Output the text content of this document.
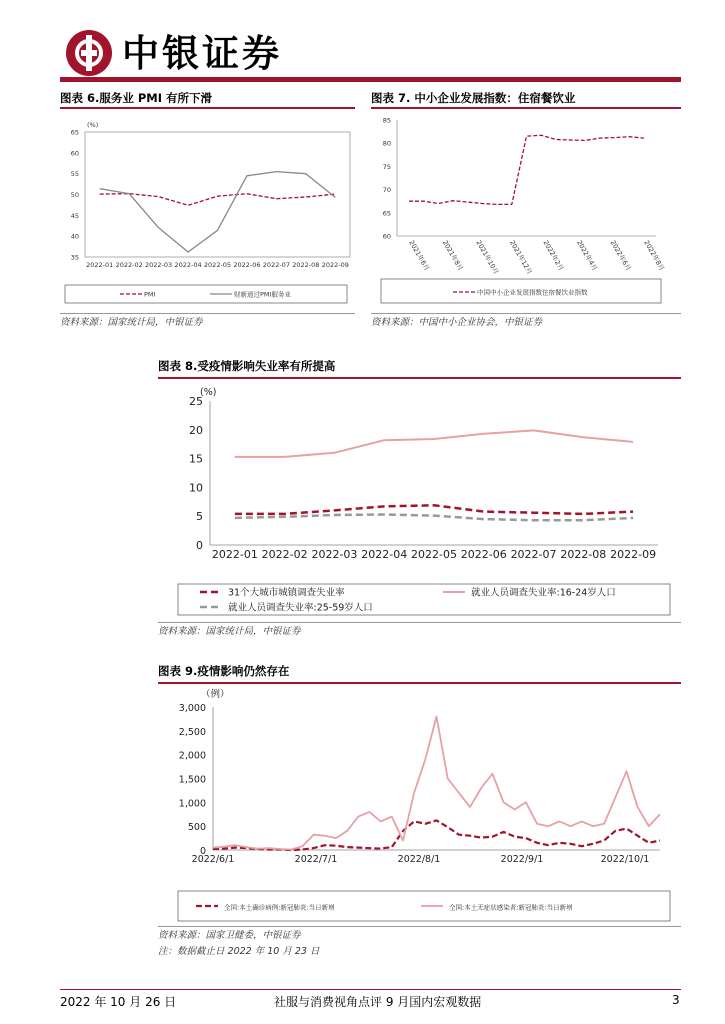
中银证券
图表 6.服务业 PMI 有所下滑
(%)
35
40
45
50
55
60
65
2022-01 2022-02 2022-03 2022-04 2022-05 2022-06 2022-07 2022-08 2022-09
PMI	财新通过PMI服务业
资料来源：国家统计局，中银证券
图表 7. 中小企业发展指数：住宿餐饮业
60
65
70
75
80
85
2021年6月 2021年8月 2021年10月 2021年12月 2022年2月 2022年4月 2022年6月 2022年8月
中国中小企业发展指数住宿餐饮业指数
资料来源：中国中小企业协会，中银证券
图表 8.受疫情影响失业率有所提高
(%)
0
5
10
15
20
25
2022-01 2022-02 2022-03 2022-04 2022-05 2022-06 2022-07 2022-08 2022-09
31个大城市城镇调查失业率	就业人员调查失业率:16-24岁人口
就业人员调查失业率:25-59岁人口
资料来源：国家统计局，中银证券
图表 9.疫情影响仍然存在
（例）
0
500
1,000
1,500
2,000
2,500
3,000
2022/6/1	2022/7/1	2022/8/1	2022/9/1	2022/10/1
全国:本土确诊病例:新冠肺炎:当日新增	全国:本土无症状感染者:新冠肺炎:当日新增
资料来源：国家卫健委，中银证券
注：数据截止日 2022 年 10 月 23 日
2022 年 10 月 26 日	社服与消费视角点评 9 月国内宏观数据	3
